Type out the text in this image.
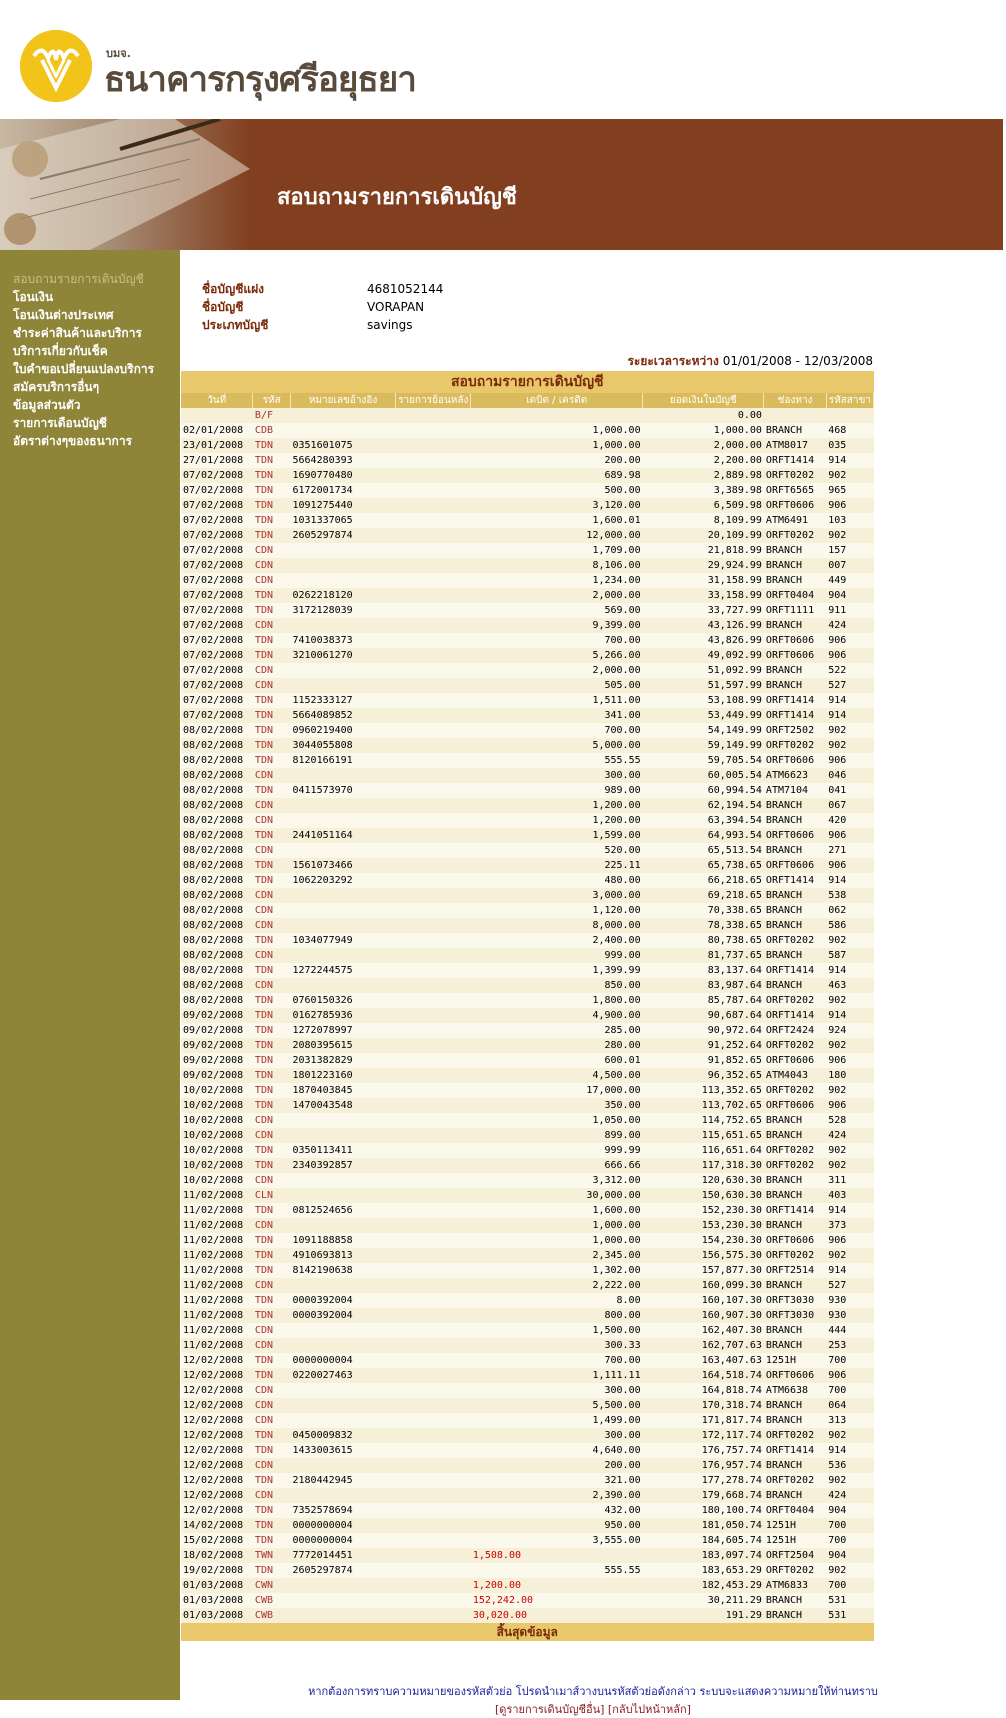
บมจ.
ธนาคารกรุงศรีอยุธยา
สอบถามรายการเดินบัญชี
สอบถามรายการเดินบัญชี
โอนเงิน
โอนเงินต่างประเทศ
ชำระค่าสินค้าและบริการ
บริการเกี่ยวกับเช็ค
ใบคำขอเปลี่ยนแปลงบริการ
สมัครบริการอื่นๆ
ข้อมูลส่วนตัว
รายการเดือนบัญชี
อัตราต่างๆของธนาการ
ชื่อบัญชีแฝง	4681052144
ชื่อบัญชี	VORAPAN
ประเภทบัญชี	savings
ระยะเวลาระหว่าง 01/01/2008 - 12/03/2008
สอบถามรายการเดินบัญชี							
วันที่	รหัส	หมายเลขอ้างอิง	รายการย้อนหลัง	เดบิต / เครดิต	ยอดเงินในบัญชี	ช่องทาง	รหัสสาขา
	B/F				0.00		
02/01/2008	CDB			1,000.00	1,000.00	BRANCH	468
23/01/2008	TDN	0351601075		1,000.00	2,000.00	ATM8017	035
27/01/2008	TDN	5664280393		200.00	2,200.00	ORFT1414	914
07/02/2008	TDN	1690770480		689.98	2,889.98	ORFT0202	902
07/02/2008	TDN	6172001734		500.00	3,389.98	ORFT6565	965
07/02/2008	TDN	1091275440		3,120.00	6,509.98	ORFT0606	906
07/02/2008	TDN	1031337065		1,600.01	8,109.99	ATM6491	103
07/02/2008	TDN	2605297874		12,000.00	20,109.99	ORFT0202	902
07/02/2008	CDN			1,709.00	21,818.99	BRANCH	157
07/02/2008	CDN			8,106.00	29,924.99	BRANCH	007
07/02/2008	CDN			1,234.00	31,158.99	BRANCH	449
07/02/2008	TDN	0262218120		2,000.00	33,158.99	ORFT0404	904
07/02/2008	TDN	3172128039		569.00	33,727.99	ORFT1111	911
07/02/2008	CDN			9,399.00	43,126.99	BRANCH	424
07/02/2008	TDN	7410038373		700.00	43,826.99	ORFT0606	906
07/02/2008	TDN	3210061270		5,266.00	49,092.99	ORFT0606	906
07/02/2008	CDN			2,000.00	51,092.99	BRANCH	522
07/02/2008	CDN			505.00	51,597.99	BRANCH	527
07/02/2008	TDN	1152333127		1,511.00	53,108.99	ORFT1414	914
07/02/2008	TDN	5664089852		341.00	53,449.99	ORFT1414	914
08/02/2008	TDN	0960219400		700.00	54,149.99	ORFT2502	902
08/02/2008	TDN	3044055808		5,000.00	59,149.99	ORFT0202	902
08/02/2008	TDN	8120166191		555.55	59,705.54	ORFT0606	906
08/02/2008	CDN			300.00	60,005.54	ATM6623	046
08/02/2008	TDN	0411573970		989.00	60,994.54	ATM7104	041
08/02/2008	CDN			1,200.00	62,194.54	BRANCH	067
08/02/2008	CDN			1,200.00	63,394.54	BRANCH	420
08/02/2008	TDN	2441051164		1,599.00	64,993.54	ORFT0606	906
08/02/2008	CDN			520.00	65,513.54	BRANCH	271
08/02/2008	TDN	1561073466		225.11	65,738.65	ORFT0606	906
08/02/2008	TDN	1062203292		480.00	66,218.65	ORFT1414	914
08/02/2008	CDN			3,000.00	69,218.65	BRANCH	538
08/02/2008	CDN			1,120.00	70,338.65	BRANCH	062
08/02/2008	CDN			8,000.00	78,338.65	BRANCH	586
08/02/2008	TDN	1034077949		2,400.00	80,738.65	ORFT0202	902
08/02/2008	CDN			999.00	81,737.65	BRANCH	587
08/02/2008	TDN	1272244575		1,399.99	83,137.64	ORFT1414	914
08/02/2008	CDN			850.00	83,987.64	BRANCH	463
08/02/2008	TDN	0760150326		1,800.00	85,787.64	ORFT0202	902
09/02/2008	TDN	0162785936		4,900.00	90,687.64	ORFT1414	914
09/02/2008	TDN	1272078997		285.00	90,972.64	ORFT2424	924
09/02/2008	TDN	2080395615		280.00	91,252.64	ORFT0202	902
09/02/2008	TDN	2031382829		600.01	91,852.65	ORFT0606	906
09/02/2008	TDN	1801223160		4,500.00	96,352.65	ATM4043	180
10/02/2008	TDN	1870403845		17,000.00	113,352.65	ORFT0202	902
10/02/2008	TDN	1470043548		350.00	113,702.65	ORFT0606	906
10/02/2008	CDN			1,050.00	114,752.65	BRANCH	528
10/02/2008	CDN			899.00	115,651.65	BRANCH	424
10/02/2008	TDN	0350113411		999.99	116,651.64	ORFT0202	902
10/02/2008	TDN	2340392857		666.66	117,318.30	ORFT0202	902
10/02/2008	CDN			3,312.00	120,630.30	BRANCH	311
11/02/2008	CLN			30,000.00	150,630.30	BRANCH	403
11/02/2008	TDN	0812524656		1,600.00	152,230.30	ORFT1414	914
11/02/2008	CDN			1,000.00	153,230.30	BRANCH	373
11/02/2008	TDN	1091188858		1,000.00	154,230.30	ORFT0606	906
11/02/2008	TDN	4910693813		2,345.00	156,575.30	ORFT0202	902
11/02/2008	TDN	8142190638		1,302.00	157,877.30	ORFT2514	914
11/02/2008	CDN			2,222.00	160,099.30	BRANCH	527
11/02/2008	TDN	0000392004		8.00	160,107.30	ORFT3030	930
11/02/2008	TDN	0000392004		800.00	160,907.30	ORFT3030	930
11/02/2008	CDN			1,500.00	162,407.30	BRANCH	444
11/02/2008	CDN			300.33	162,707.63	BRANCH	253
12/02/2008	TDN	0000000004		700.00	163,407.63	1251H	700
12/02/2008	TDN	0220027463		1,111.11	164,518.74	ORFT0606	906
12/02/2008	CDN			300.00	164,818.74	ATM6638	700
12/02/2008	CDN			5,500.00	170,318.74	BRANCH	064
12/02/2008	CDN			1,499.00	171,817.74	BRANCH	313
12/02/2008	TDN	0450009832		300.00	172,117.74	ORFT0202	902
12/02/2008	TDN	1433003615		4,640.00	176,757.74	ORFT1414	914
12/02/2008	CDN			200.00	176,957.74	BRANCH	536
12/02/2008	TDN	2180442945		321.00	177,278.74	ORFT0202	902
12/02/2008	CDN			2,390.00	179,668.74	BRANCH	424
12/02/2008	TDN	7352578694		432.00	180,100.74	ORFT0404	904
14/02/2008	TDN	0000000004		950.00	181,050.74	1251H	700
15/02/2008	TDN	0000000004		3,555.00	184,605.74	1251H	700
18/02/2008	TWN	7772014451		1,508.00	183,097.74	ORFT2504	904
19/02/2008	TDN	2605297874		555.55	183,653.29	ORFT0202	902
01/03/2008	CWN			1,200.00	182,453.29	ATM6833	700
01/03/2008	CWB			152,242.00	30,211.29	BRANCH	531
01/03/2008	CWB			30,020.00	191.29	BRANCH	531
สิ้นสุดข้อมูล							
หากต้องการทราบความหมายของรหัสตัวย่อ โปรดนำเมาส์วางบนรหัสตัวย่อดังกล่าว ระบบจะแสดงความหมายให้ท่านทราบ
[ดูรายการเดินบัญชีอื่น] [กลับไปหน้าหลัก]
